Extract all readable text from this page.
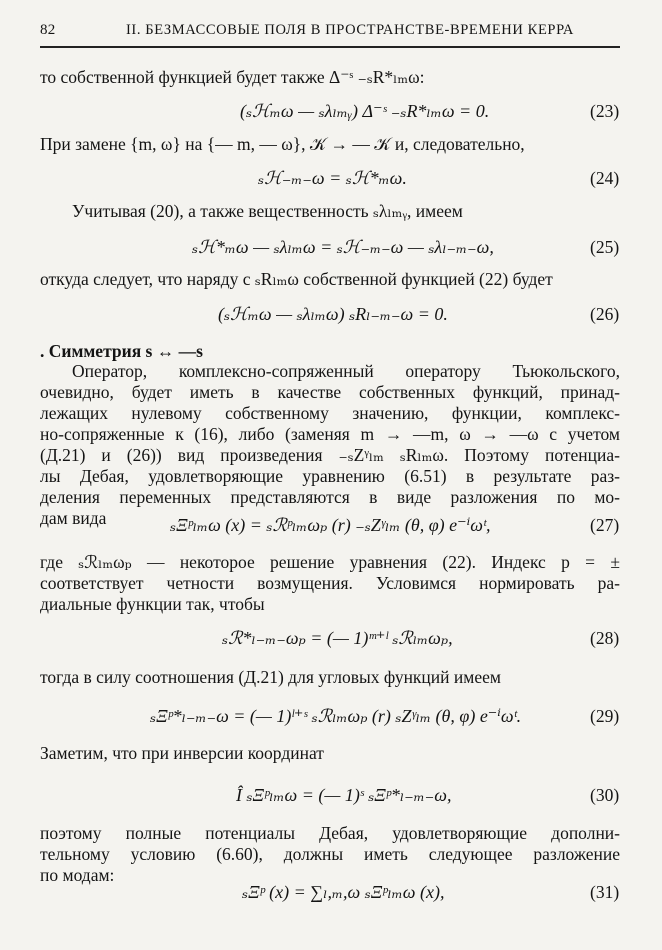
82	II. БЕЗМАССОВЫЕ ПОЛЯ В ПРОСТРАНСТВЕ-ВРЕМЕНИ КЕРРА
то собственной функцией будет также Δ⁻ˢ ₋ₛR*ₗₘω:
(ₛℋₘω — ₛλₗₘᵧ) Δ⁻ˢ ₋ₛR*ₗₘω = 0.	(23)
При замене {m, ω} на {— m, — ω}, 𝒦 → — 𝒦 и, следовательно,
ₛℋ₋ₘ₋ω = ₛℋ*ₘω.	(24)
Учитывая (20), а также вещественность ₛλₗₘᵧ, имеем
ₛℋ*ₘω — ₛλₗₘω = ₛℋ₋ₘ₋ω — ₛλₗ₋ₘ₋ω,	(25)
откуда следует, что наряду с ₛRₗₘω собственной функцией (22) будет
(ₛℋₘω — ₛλₗₘω) ₛRₗ₋ₘ₋ω = 0.	(26)
. Симметрия s ↔ —s
Оператор, комплексно-сопряженный оператору Тьюкольского,
очевидно, будет иметь в качестве собственных функций, принад-
лежащих нулевому собственному значению, функции, комплекс-
но-сопряженные к (16), либо (заменяя m → —m, ω → —ω с учетом
(Д.21) и (26)) вид произведения ₋ₛZᵞₗₘ ₛRₗₘω. Поэтому потенциа-
лы Дебая, удовлетворяющие уравнению (6.51) в результате раз-
деления переменных представляются в виде разложения по мо-
дам вида	ₛΞᵖₗₘω (x) = ₛℛᵖₗₘωₚ (r) ₋ₛZᵞₗₘ (θ, φ) e⁻ⁱωᵗ,	(27)
где ₛℛₗₘωₚ — некоторое решение уравнения (22). Индекс p = ±
соответствует четности возмущения. Условимся нормировать ра-
диальные функции так, чтобы
ₛℛ*ₗ₋ₘ₋ωₚ = (— 1)ᵐ⁺ˡ ₛℛₗₘωₚ,	(28)
тогда в силу соотношения (Д.21) для угловых функций имеем
ₛΞᵖ*ₗ₋ₘ₋ω = (— 1)ˡ⁺ˢ ₛℛₗₘωₚ (r) ₛZᵞₗₘ (θ, φ) e⁻ⁱωᵗ.	(29)
Заметим, что при инверсии координат
Î ₛΞᵖₗₘω = (— 1)ˢ ₛΞᵖ*ₗ₋ₘ₋ω,	(30)
поэтому полные потенциалы Дебая, удовлетворяющие дополни-
тельному условию (6.60), должны иметь следующее разложение
по модам:
ₛΞᵖ (x) = ∑ₗ,ₘ,ω ₛΞᵖₗₘω (x),	(31)
